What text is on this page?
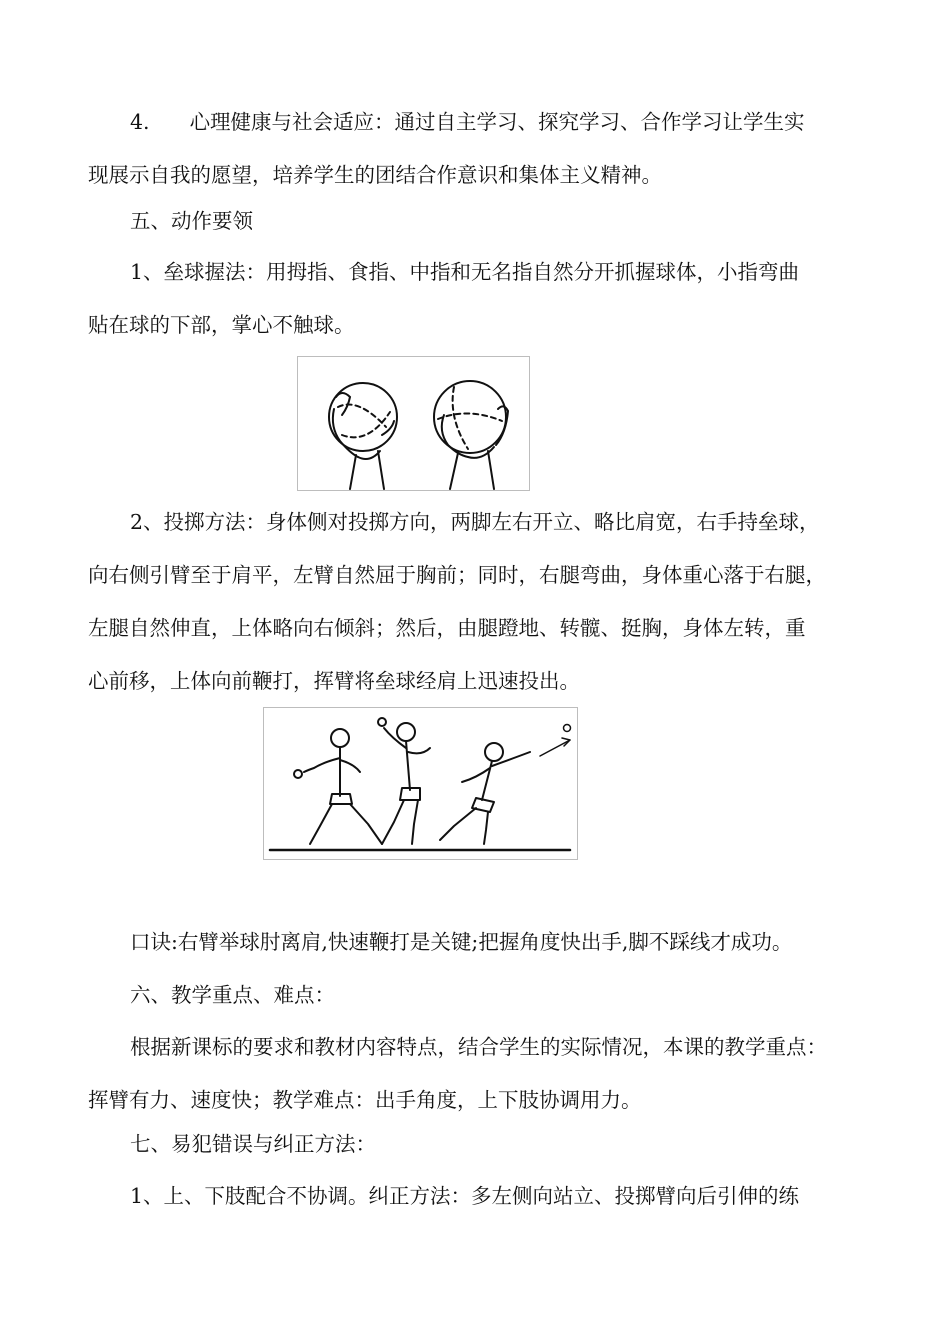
4. 心理健康与社会适应：通过自主学习、探究学习、合作学习让学生实
现展示自我的愿望，培养学生的团结合作意识和集体主义精神。

五、动作要领

1、垒球握法：用拇指、食指、中指和无名指自然分开抓握球体，小指弯曲
贴在球的下部，掌心不触球。

2、投掷方法：身体侧对投掷方向，两脚左右开立、略比肩宽，右手持垒球，
向右侧引臂至于肩平，左臂自然屈于胸前；同时，右腿弯曲，身体重心落于右腿，
左腿自然伸直，上体略向右倾斜；然后，由腿蹬地、转髋、挺胸，身体左转，重
心前移，上体向前鞭打，挥臂将垒球经肩上迅速投出。

口诀:右臂举球肘离肩,快速鞭打是关键;把握角度快出手,脚不踩线才成功。

六、教学重点、难点：

根据新课标的要求和教材内容特点，结合学生的实际情况，本课的教学重点：
挥臂有力、速度快；教学难点：出手角度，上下肢协调用力。

七、易犯错误与纠正方法：

1、上、下肢配合不协调。纠正方法：多左侧向站立、投掷臂向后引伸的练
